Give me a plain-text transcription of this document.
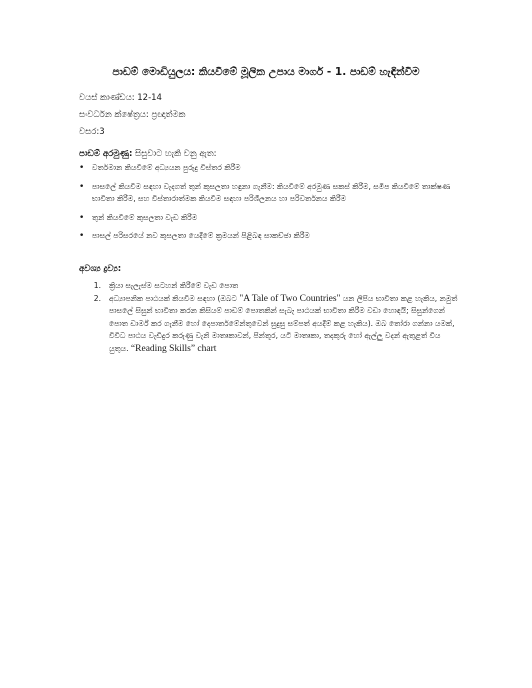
පාඩම් මොඩියුලය: කියවීමේ මූලික උපාය මාර්ග - 1. පාඩම් හැඳින්වීම
වයස් කාණ්ඩය: 12-14
සංවර්ධන ක්ෂේත්‍රය: ප්‍රඥාත්මක
වසර:3
පාඩම් අරමුණු: සිසුවාට හැකි වනු ඇත:
• වර්තමාන කියවීමේ අධ්‍යයන පුරුදු විස්තර කිරීම
• පාසලේ කියවීම සඳහා වැදගත් තුන් කුසලතා හඳුනා ගැනීම: කියවීමේ අරමුණ සකස් කිරීම, සමීප කියවීමේ තාක්ෂණ භාවිතා කිරීම, සහ විස්තාරාත්මක කියවීම සඳහා පරිශීලනය හා පරිවර්තනය කිරීම
• තුන් කියවීමේ කුසලතා වැඩ කිරීම
• පාසල් පරිසරයේ නව කුසලතා යෙදීමේ ක්‍රමයන් පිළිබඳ සාකච්ඡා කිරීම
අවශ්‍ය ද්‍රව්‍ය:
1. ක්‍රියා සැලැස්ම සටහන් කිරීමේ වැඩ පොත
2. අධ්‍යාපනික පාඨයක් කියවීම සඳහා (ඔබට "A Tale of Two Countries" යන ලිපිය භාවිතා කළ හැකිය, නමුත් පාසලේ සිසුන් භාවිතා කරන කිසියම් පාඩම් පොතකින් සැබෑ පාඨයක් භාවිතා කිරීම වඩා හොඳයි; සිසුන්ගෙන් පොත ඩාර්ම් කර ගැනීම හෝ දෙපාර්තමේන්තුවෙන් සුදුසු සම්පත් අයදීම් කළ හැකිය). ඔබ තෝරා ගන්නා යමක්, විවිධ පාඨය වැඩිදුර කරුණු වැනි මාතෘකාවන්, පින්තූර, යටි මාතෘකා, තදකුරු හෝ ඇල්ලු වදන් ඇතුළත් විය යුතුය. “Reading Skills” chart
